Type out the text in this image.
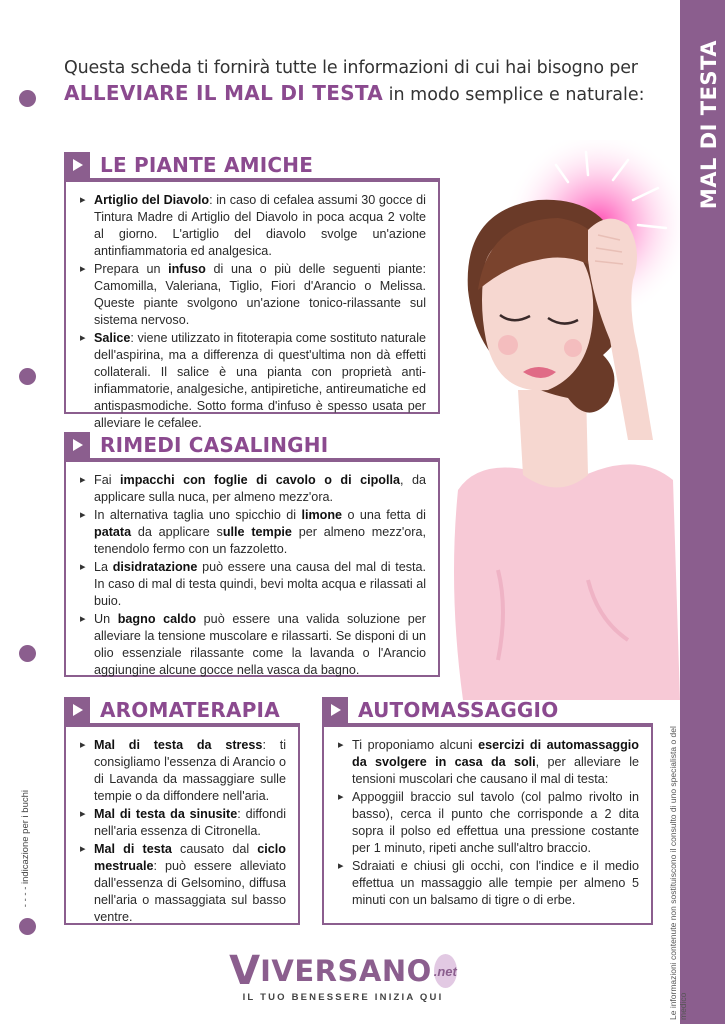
MAL DI TESTA
- - - - indicazione per i buchi	Le informazioni contenute non sostituiscono il consulto di uno specialista o del medico
Questa scheda ti fornirà tutte le informazioni di cui hai bisogno per
ALLEVIARE IL MAL DI TESTA in modo semplice e naturale:
LE PIANTE AMICHE
▸ Artiglio del Diavolo: in caso di cefalea assumi 30 gocce di Tintura Madre di Artiglio del Diavolo in poca acqua 2 volte al giorno. L'artiglio del diavolo svolge un'azione antinfiammatoria ed analgesica.
▸ Prepara un infuso di una o più delle seguenti piante: Camomilla, Valeriana, Tiglio, Fiori d'Arancio o Melissa. Queste piante svolgono un'azione tonico-rilassante sul sistema nervoso.
▸ Salice: viene utilizzato in fitoterapia come sostituto naturale dell'aspirina, ma a differenza di quest'ultima non dà effetti collaterali. Il salice è una pianta con proprietà anti-infiammatorie, analgesiche, antipiretiche, antireumatiche ed antispasmodiche. Sotto forma d'infuso è spesso usata per alleviare le cefalee.
RIMEDI CASALINGHI
▸ Fai impacchi con foglie di cavolo o di cipolla, da applicare sulla nuca, per almeno mezz'ora.
▸ In alternativa taglia uno spicchio di limone o una fetta di patata da applicare sulle tempie per almeno mezz'ora, tenendolo fermo con un fazzoletto.
▸ La disidratazione può essere una causa del mal di testa. In caso di mal di testa quindi, bevi molta acqua e rilassati al buio.
▸ Un bagno caldo può essere una valida soluzione per alleviare la tensione muscolare e rilassarti. Se disponi di un olio essenziale rilassante come la lavanda o l'Arancio aggiungine alcune gocce nella vasca da bagno.
AROMATERAPIA
▸ Mal di testa da stress: ti consigliamo l'essenza di Arancio o di Lavanda da massaggiare sulle tempie o da diffondere nell'aria.
▸ Mal di testa da sinusite: diffondi nell'aria essenza di Citronella.
▸ Mal di testa causato dal ciclo mestruale: può essere alleviato dall'essenza di Gelsomino, diffusa nell'aria o massaggiata sul basso ventre.
AUTOMASSAGGIO
▸ Ti proponiamo alcuni esercizi di automassaggio da svolgere in casa da soli, per alleviare le tensioni muscolari che causano il mal di testa:
▸ Appoggiil braccio sul tavolo (col palmo rivolto in basso), cerca il punto che corrisponde a 2 dita sopra il polso ed effettua una pressione costante per 1 minuto, ripeti anche sull'altro braccio.
▸ Sdraiati e chiusi gli occhi, con l'indice e il medio effettua un massaggio alle tempie per almeno 5 minuti con un balsamo di tigre o di erbe.
V IVERSANO .net
IL TUO BENESSERE INIZIA QUI
